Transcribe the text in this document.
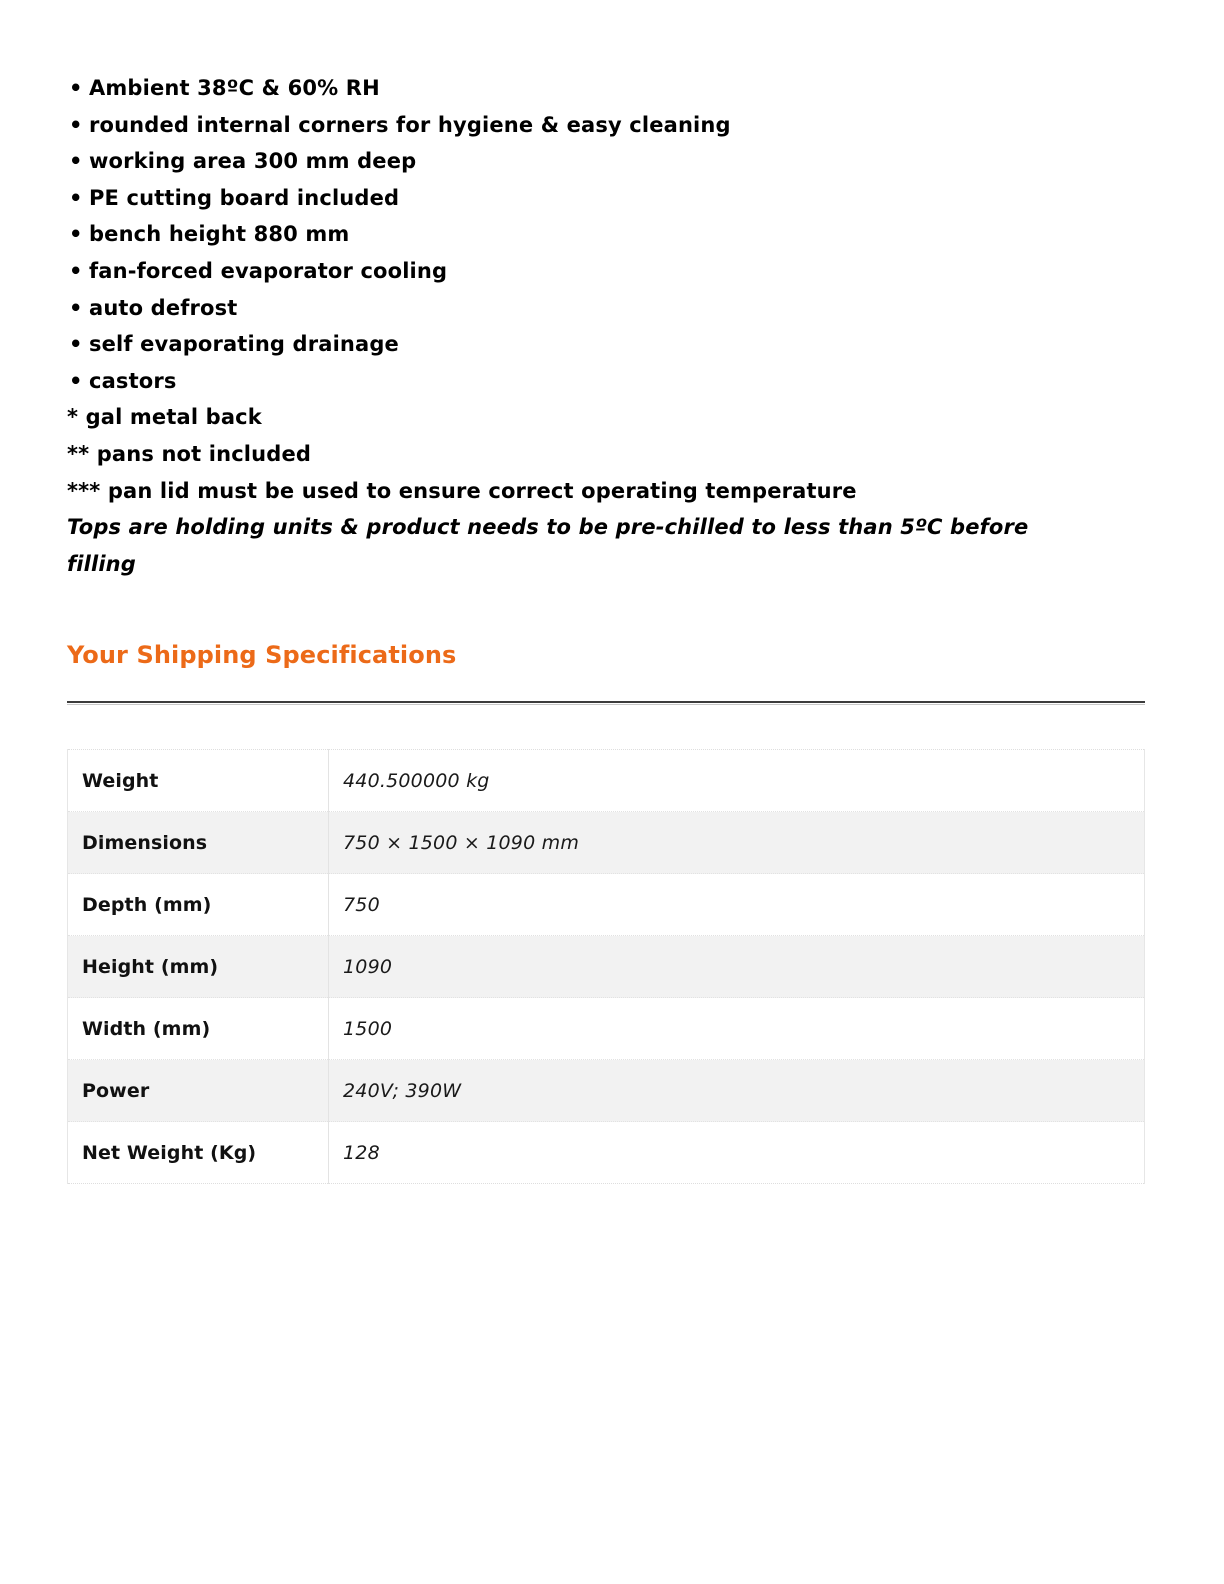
• Ambient 38ºC & 60% RH
• rounded internal corners for hygiene & easy cleaning
• working area 300 mm deep
• PE cutting board included
• bench height 880 mm
• fan-forced evaporator cooling
• auto defrost
• self evaporating drainage
• castors
* gal metal back
** pans not included
*** pan lid must be used to ensure correct operating temperature
Tops are holding units & product needs to be pre-chilled to less than 5ºC before filling
Your Shipping Specifications
Weight	440.500000 kg
Dimensions	750 × 1500 × 1090 mm
Depth (mm)	750
Height (mm)	1090
Width (mm)	1500
Power	240V; 390W
Net Weight (Kg)	128
